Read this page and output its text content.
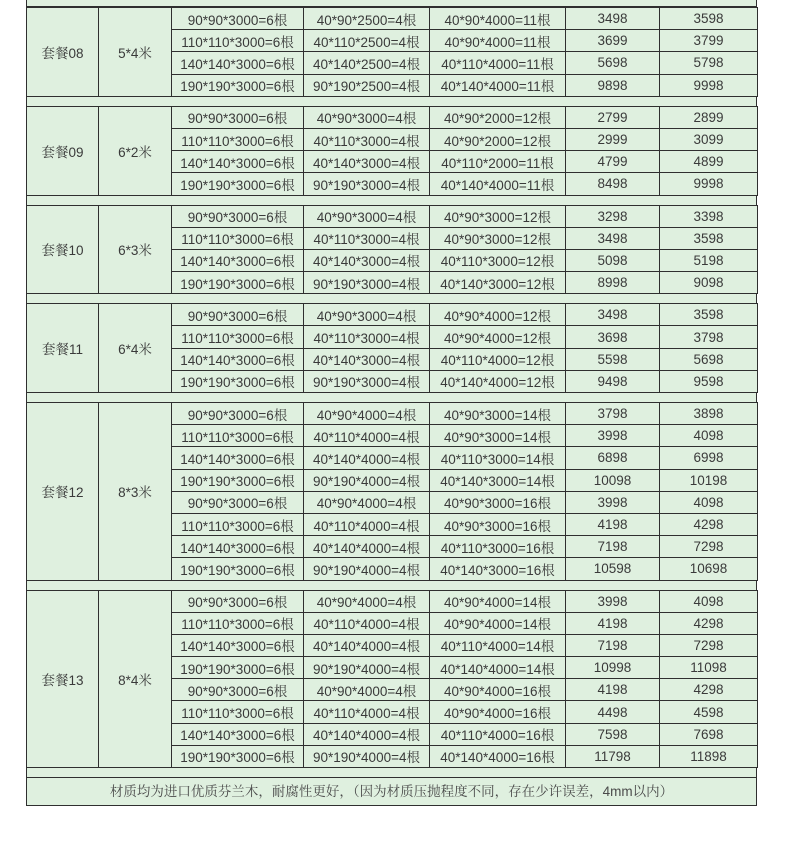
套餐08	5*4米	90*90*3000=6根	40*90*2500=4根	40*90*4000=11根	3498	3598
		110*110*3000=6根	40*110*2500=4根	40*90*4000=11根	3699	3799
		140*140*3000=6根	40*140*2500=4根	40*110*4000=11根	5698	5798
		190*190*3000=6根	90*190*2500=4根	40*140*4000=11根	9898	9998
套餐09	6*2米	90*90*3000=6根	40*90*3000=4根	40*90*2000=12根	2799	2899
		110*110*3000=6根	40*110*3000=4根	40*90*2000=12根	2999	3099
		140*140*3000=6根	40*140*3000=4根	40*110*2000=11根	4799	4899
		190*190*3000=6根	90*190*3000=4根	40*140*4000=11根	8498	9998
套餐10	6*3米	90*90*3000=6根	40*90*3000=4根	40*90*3000=12根	3298	3398
		110*110*3000=6根	40*110*3000=4根	40*90*3000=12根	3498	3598
		140*140*3000=6根	40*140*3000=4根	40*110*3000=12根	5098	5198
		190*190*3000=6根	90*190*3000=4根	40*140*3000=12根	8998	9098
套餐11	6*4米	90*90*3000=6根	40*90*3000=4根	40*90*4000=12根	3498	3598
		110*110*3000=6根	40*110*3000=4根	40*90*4000=12根	3698	3798
		140*140*3000=6根	40*140*3000=4根	40*110*4000=12根	5598	5698
		190*190*3000=6根	90*190*3000=4根	40*140*4000=12根	9498	9598
套餐12	8*3米	90*90*3000=6根	40*90*4000=4根	40*90*3000=14根	3798	3898
		110*110*3000=6根	40*110*4000=4根	40*90*3000=14根	3998	4098
		140*140*3000=6根	40*140*4000=4根	40*110*3000=14根	6898	6998
		190*190*3000=6根	90*190*4000=4根	40*140*3000=14根	10098	10198
		90*90*3000=6根	40*90*4000=4根	40*90*3000=16根	3998	4098
		110*110*3000=6根	40*110*4000=4根	40*90*3000=16根	4198	4298
		140*140*3000=6根	40*140*4000=4根	40*110*3000=16根	7198	7298
		190*190*3000=6根	90*190*4000=4根	40*140*3000=16根	10598	10698
套餐13	8*4米	90*90*3000=6根	40*90*4000=4根	40*90*4000=14根	3998	4098
		110*110*3000=6根	40*110*4000=4根	40*90*4000=14根	4198	4298
		140*140*3000=6根	40*140*4000=4根	40*110*4000=14根	7198	7298
		190*190*3000=6根	90*190*4000=4根	40*140*4000=14根	10998	11098
		90*90*3000=6根	40*90*4000=4根	40*90*4000=16根	4198	4298
		110*110*3000=6根	40*110*4000=4根	40*90*4000=16根	4498	4598
		140*140*3000=6根	40*140*4000=4根	40*110*4000=16根	7598	7698
		190*190*3000=6根	90*190*4000=4根	40*140*4000=16根	11798	11898
材质均为进口优质芬兰木，耐腐性更好，（因为材质压抛程度不同，存在少许误差，4mm以内）
